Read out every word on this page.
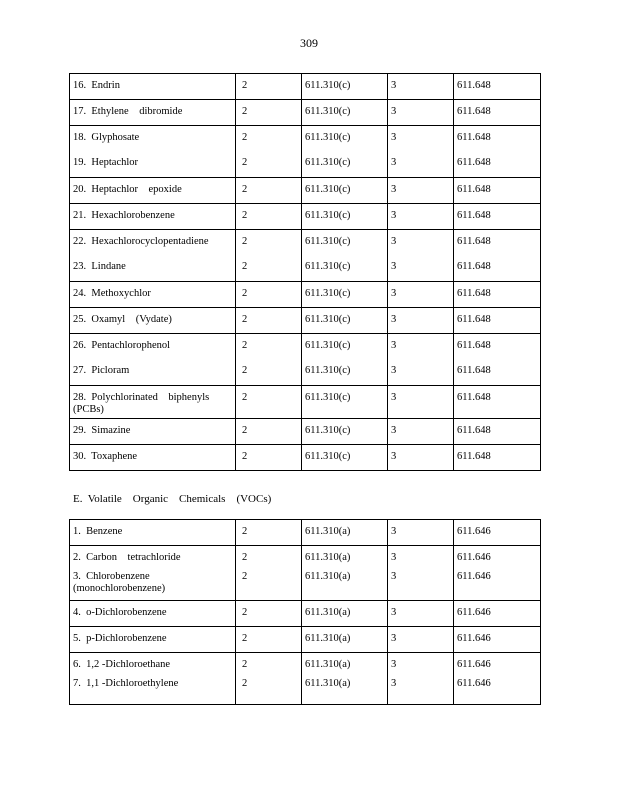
309
16.  Endrin	2	611.310(c)	3	611.648
17.  Ethylene    dibromide	2	611.310(c)	3	611.648
18.  Glyphosate	2	611.310(c)	3	611.648
19.  Heptachlor	2	611.310(c)	3	611.648
20.  Heptachlor    epoxide	2	611.310(c)	3	611.648
21.  Hexachlorobenzene	2	611.310(c)	3	611.648
22.  Hexachlorocyclopentadiene	2	611.310(c)	3	611.648
23.  Lindane	2	611.310(c)	3	611.648
24.  Methoxychlor	2	611.310(c)	3	611.648
25.  Oxamyl    (Vydate)	2	611.310(c)	3	611.648
26.  Pentachlorophenol	2	611.310(c)	3	611.648
27.  Picloram	2	611.310(c)	3	611.648
28.  Polychlorinated    biphenyls (PCBs)	2	611.310(c)	3	611.648
29.  Simazine	2	611.310(c)	3	611.648
30.  Toxaphene	2	611.310(c)	3	611.648
E.  Volatile    Organic    Chemicals    (VOCs)
1.  Benzene	2	611.310(a)	3	611.646
2.  Carbon    tetrachloride	2	611.310(a)	3	611.646
3.  Chlorobenzene (monochlorobenzene)	2	611.310(a)	3	611.646
4.  o-Dichlorobenzene	2	611.310(a)	3	611.646
5.  p-Dichlorobenzene	2	611.310(a)	3	611.646
6.  1,2 -Dichloroethane	2	611.310(a)	3	611.646
7.  1,1 -Dichloroethylene	2	611.310(a)	3	611.646
